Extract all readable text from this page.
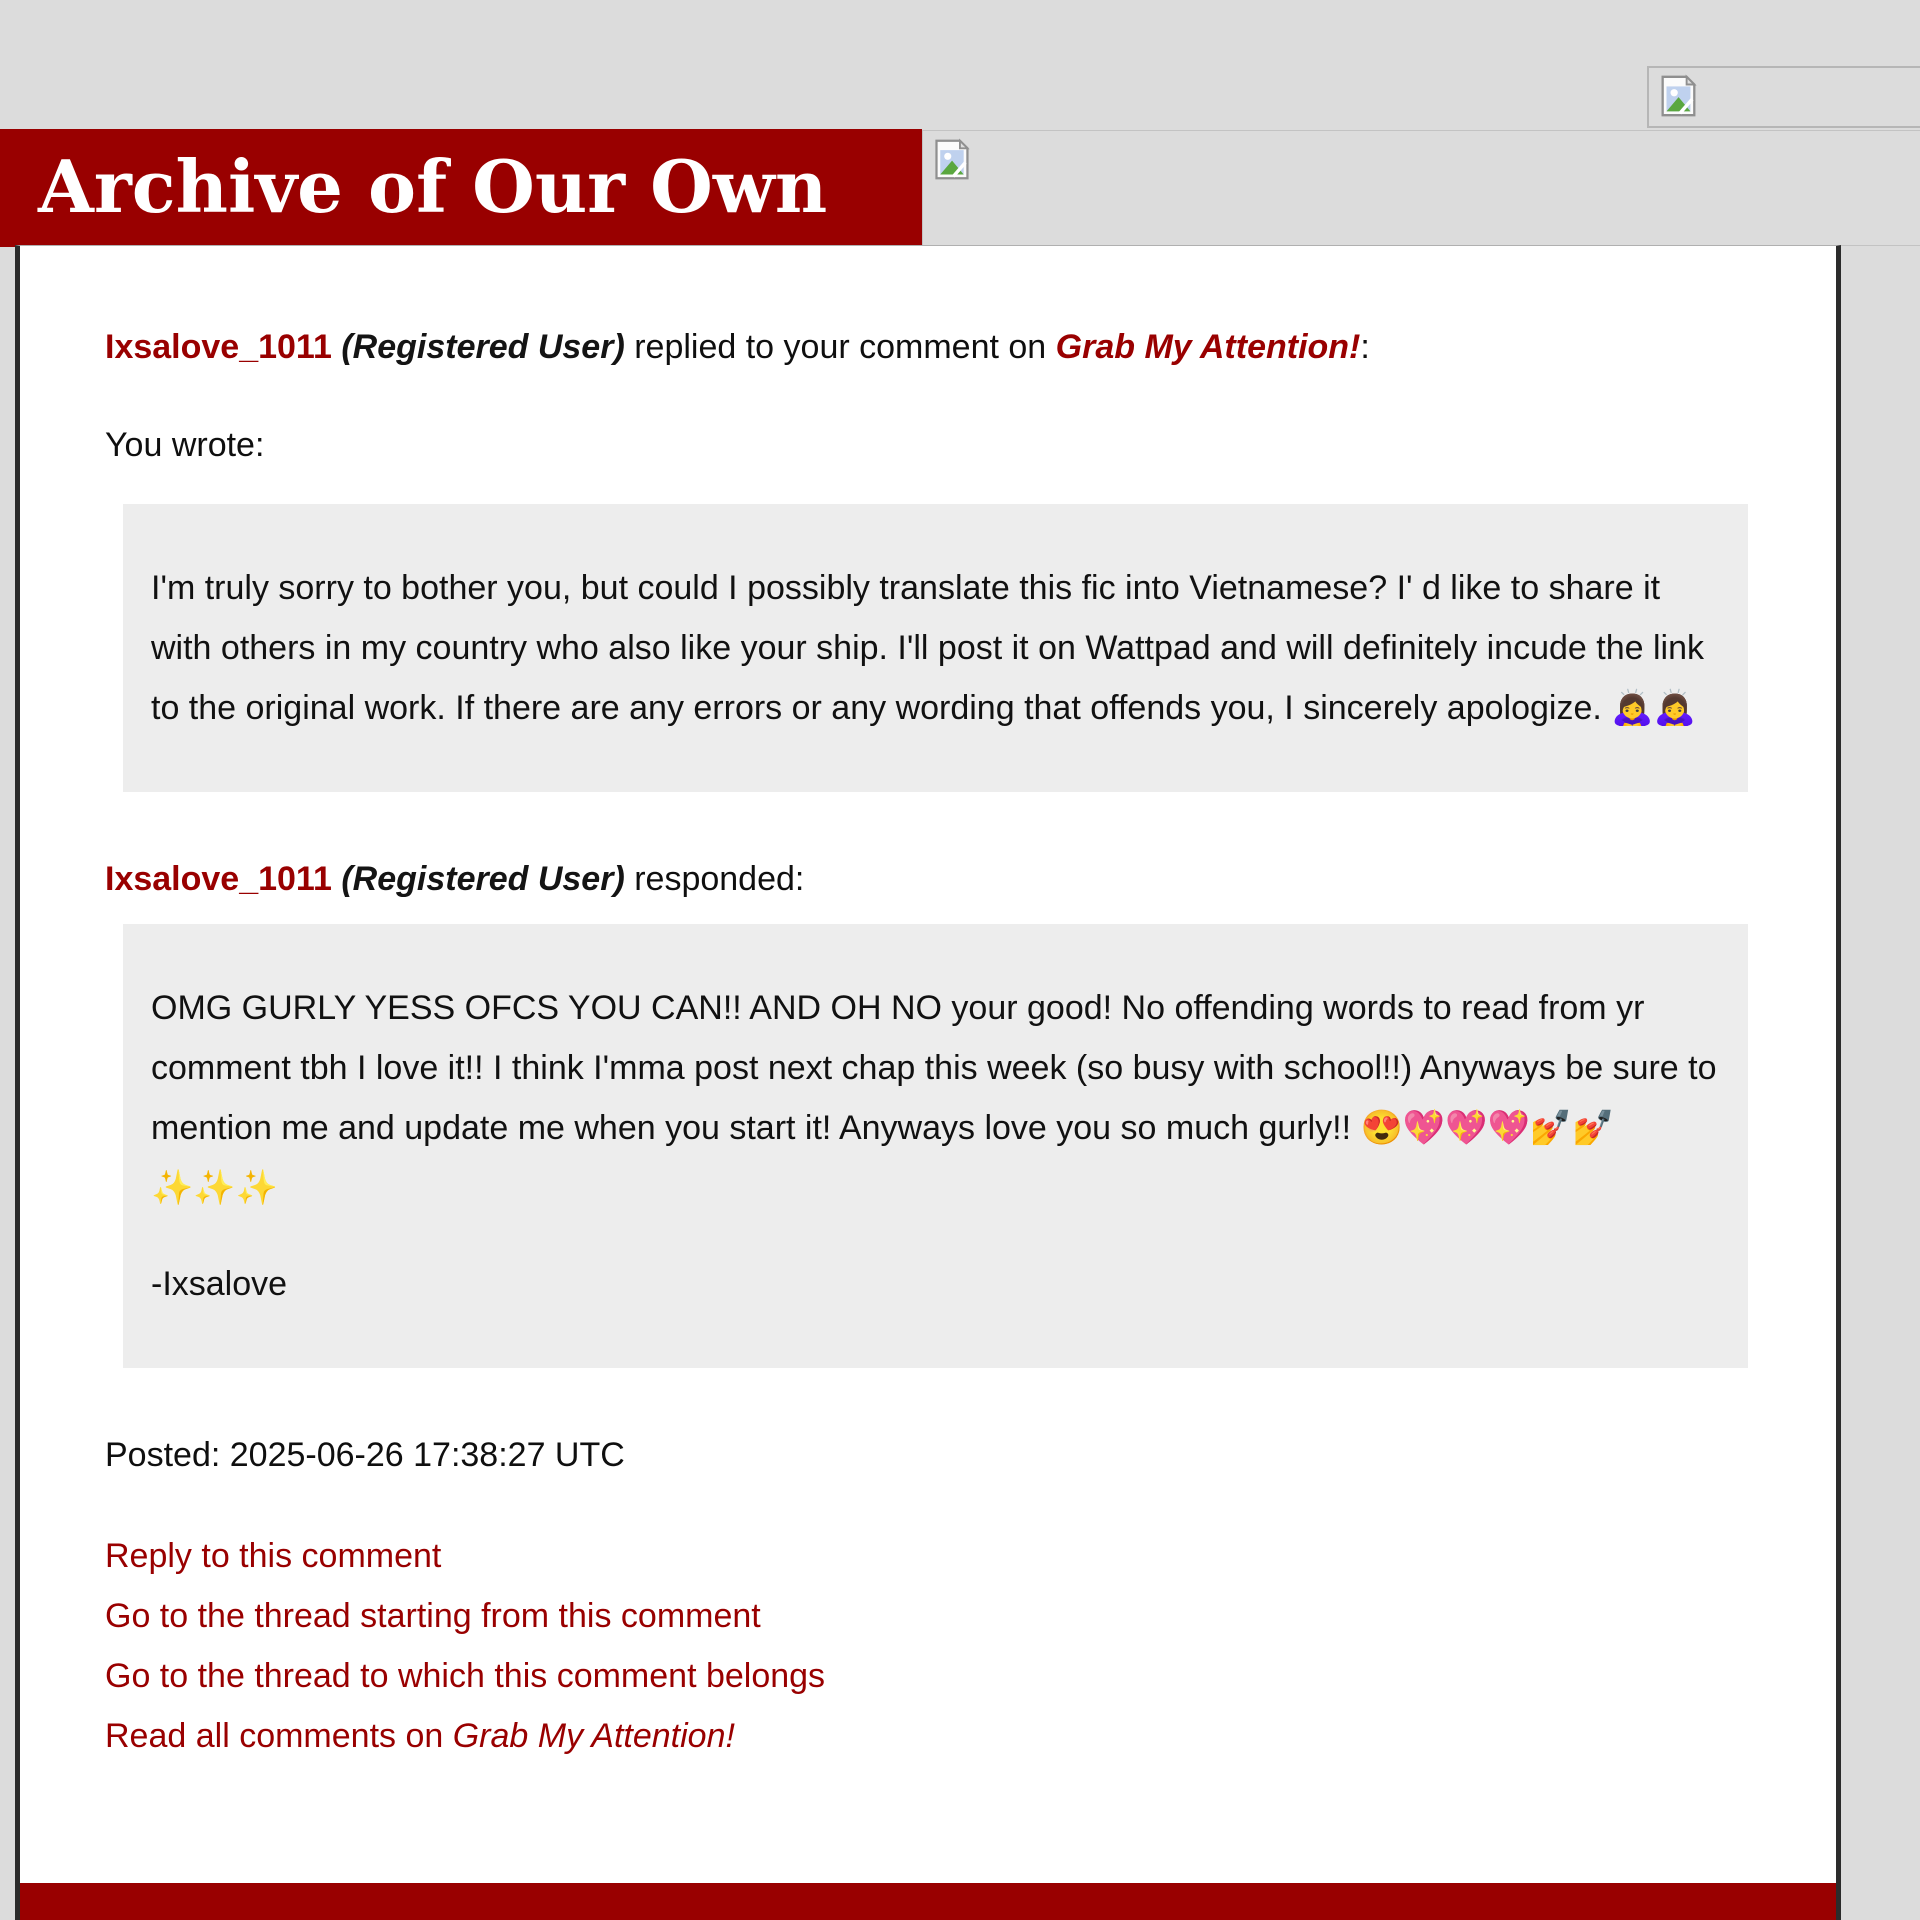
Archive of Our Own

Ixsalove_1011 (Registered User) replied to your comment on Grab My Attention!:

You wrote:

I'm truly sorry to bother you, but could I possibly translate this fic into Vietnamese? I' d like to share it with others in my country who also like your ship. I'll post it on Wattpad and will definitely incude the link to the original work. If there are any errors or any wording that offends you, I sincerely apologize. 🙇‍♀️🙇‍♀️

Ixsalove_1011 (Registered User) responded:

OMG GURLY YESS OFCS YOU CAN!! AND OH NO your good! No offending words to read from yr comment tbh I love it!! I think I'mma post next chap this week (so busy with school!!) Anyways be sure to mention me and update me when you start it! Anyways love you so much gurly!! 😍💖💖💖💅💅✨✨✨

-Ixsalove

Posted: 2025-06-26 17:38:27 UTC

Reply to this comment
Go to the thread starting from this comment
Go to the thread to which this comment belongs
Read all comments on Grab My Attention!
